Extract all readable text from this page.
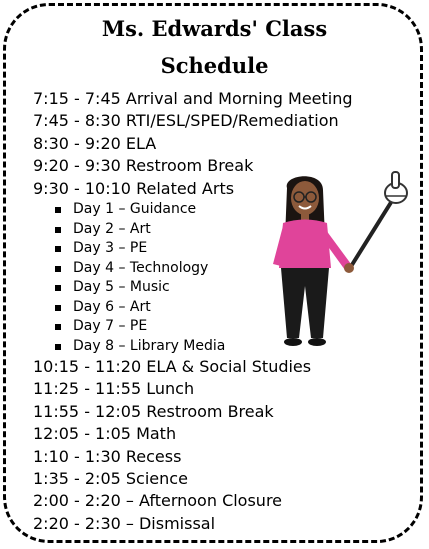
Ms. Edwards' Class
Schedule
7:15 - 7:45 Arrival and Morning Meeting
7:45 - 8:30 RTI/ESL/SPED/Remediation
8:30 - 9:20 ELA
9:20 - 9:30 Restroom Break
9:30 - 10:10 Related Arts
Day 1 – Guidance
Day 2 – Art
Day 3 – PE
Day 4 – Technology
Day 5 – Music
Day 6 – Art
Day 7 – PE
Day 8 – Library Media
10:15 - 11:20 ELA & Social Studies
11:25 - 11:55 Lunch
11:55 - 12:05 Restroom Break
12:05 - 1:05 Math
1:10 - 1:30 Recess
1:35 - 2:05 Science
2:00 - 2:20 – Afternoon Closure
2:20 - 2:30 – Dismissal
